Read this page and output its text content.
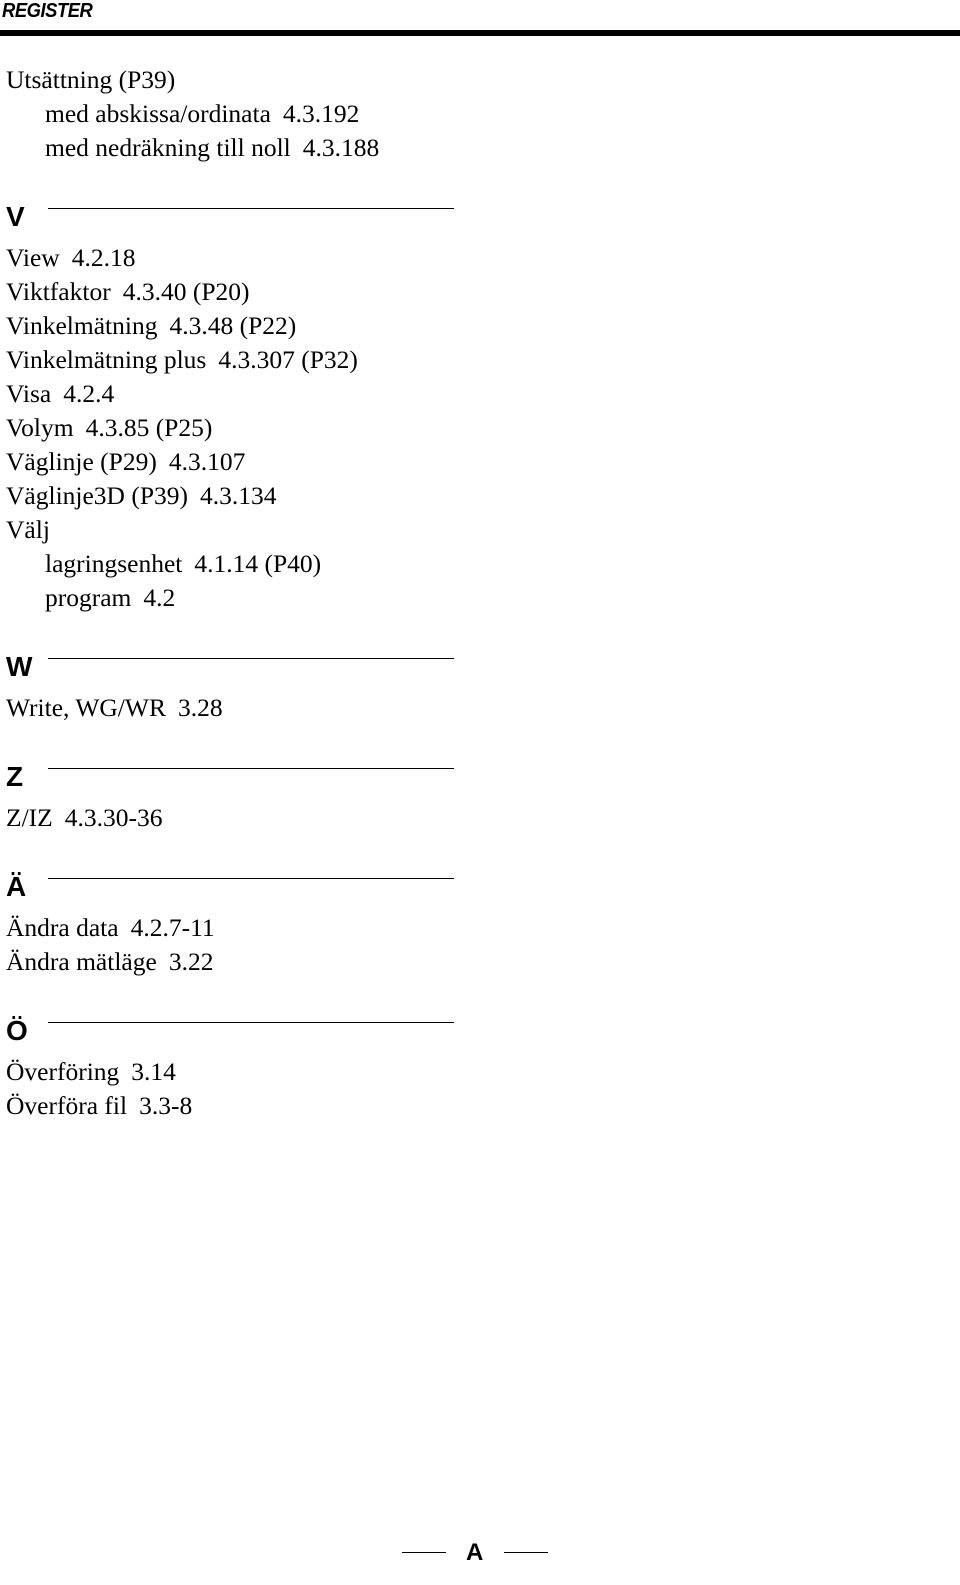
REGISTER
Utsättning (P39)
med abskissa/ordinata 4.3.192
med nedräkning till noll 4.3.188
V
View 4.2.18
Viktfaktor 4.3.40 (P20)
Vinkelmätning 4.3.48 (P22)
Vinkelmätning plus 4.3.307 (P32)
Visa 4.2.4
Volym 4.3.85 (P25)
Väglinje (P29) 4.3.107
Väglinje3D (P39) 4.3.134
Välj
lagringsenhet 4.1.14 (P40)
program 4.2
W
Write, WG/WR 3.28
Z
Z/IZ 4.3.30-36
Ä
Ändra data 4.2.7-11
Ändra mätläge 3.22
Ö
Överföring 3.14
Överföra fil 3.3-8
A
